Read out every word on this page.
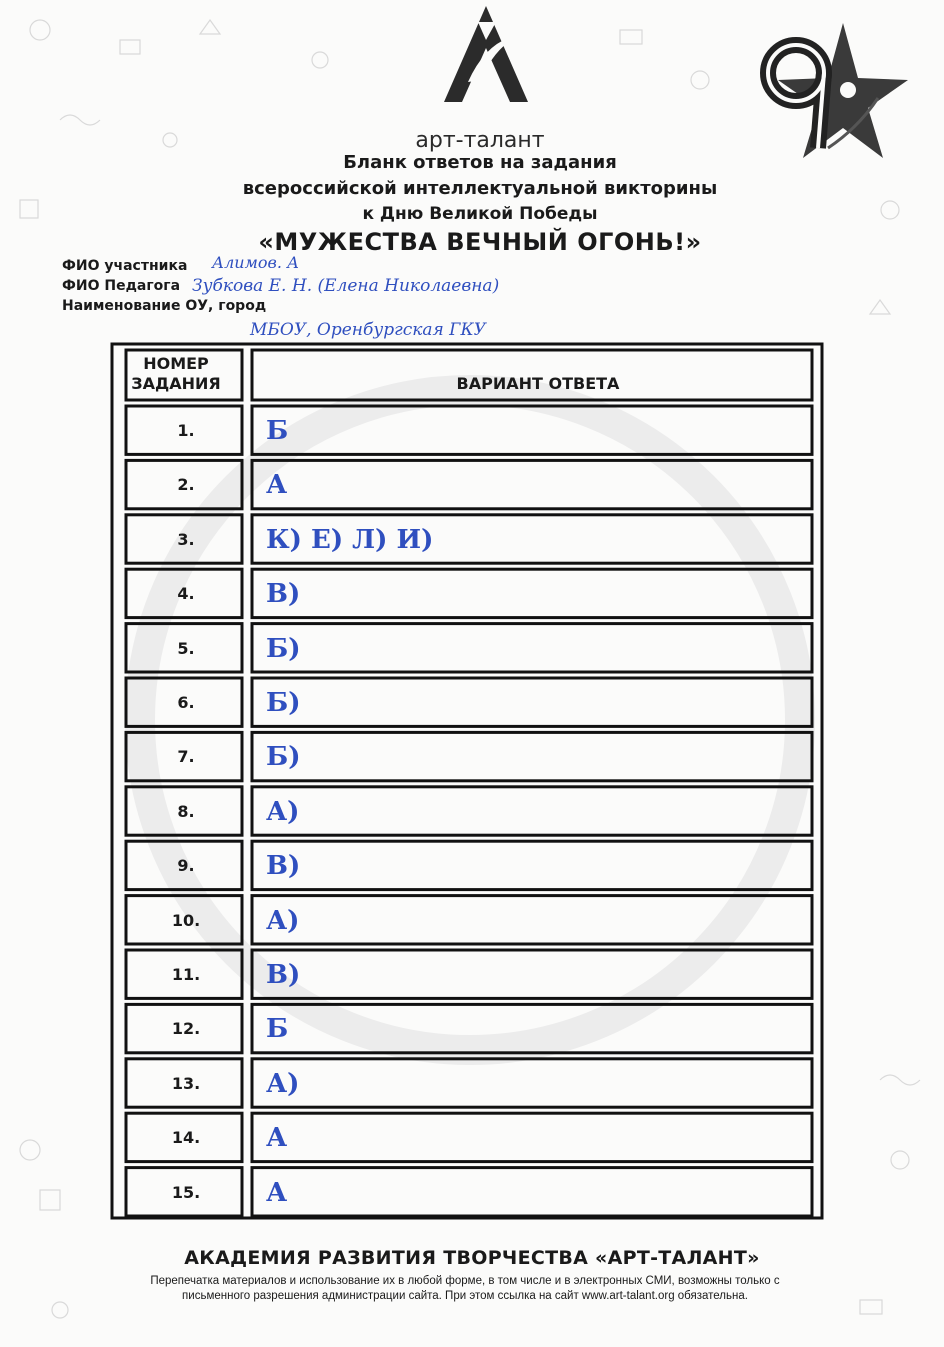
арт-талант
Бланк ответов на задания
всероссийской интеллектуальной викторины
к Дню Великой Победы
«МУЖЕСТВА ВЕЧНЫЙ ОГОНЬ!»
ФИО участника Алимов. А
ФИО Педагога Зубкова Е. Н. (Елена Николаевна)
Наименование ОУ, город
МБОУ, Оренбургская ГКУ
НОМЕР ЗАДАНИЯ	ВАРИАНТ ОТВЕТА
1.	Б
2.	А
3.	К) Е) Л) И)
4.	В)
5.	Б)
6.	Б)
7.	Б)
8.	А)
9.	В)
10.	А)
11.	В)
12.	Б
13.	А)
14.	А
15.	А
АКАДЕМИЯ РАЗВИТИЯ ТВОРЧЕСТВА «АРТ-ТАЛАНТ»
Перепечатка материалов и использование их в любой форме, в том числе и в электронных СМИ, возможны только с
письменного разрешения администрации сайта. При этом ссылка на сайт www.art-talant.org обязательна.
